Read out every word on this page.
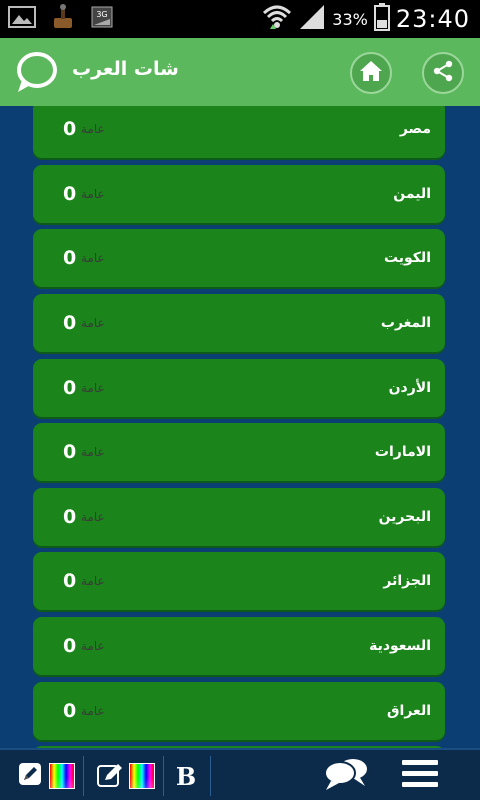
3G	33% 23:40
شات العرب
مصر
عامة
0
اليمن
عامة
0
الكويت
عامة
0
المغرب
عامة
0
الأردن
عامة
0
الامارات
عامة
0
البحرين
عامة
0
الجزائر
عامة
0
السعودية
عامة
0
العراق
عامة
0
B
